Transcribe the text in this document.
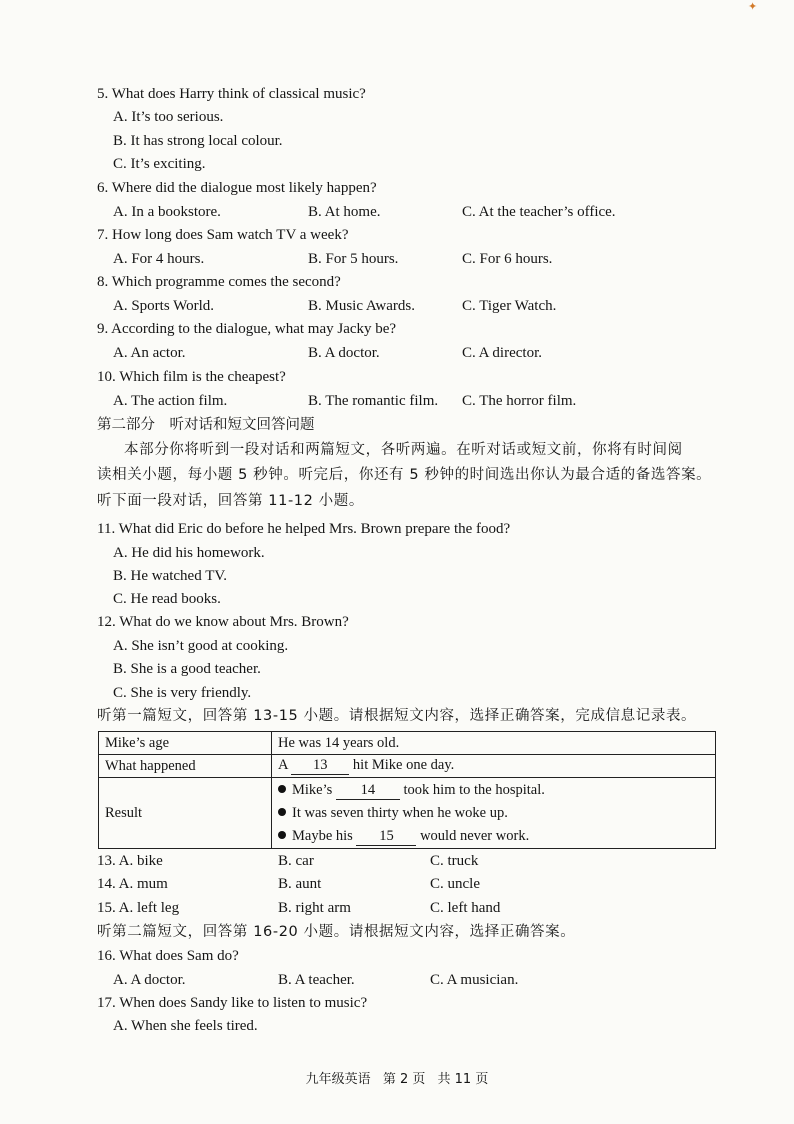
✦
5. What does Harry think of classical music?
A. It’s too serious.
B. It has strong local colour.
C. It’s exciting.
6. Where did the dialogue most likely happen?
A. In a bookstore.	B. At home.	C. At the teacher’s office.
7. How long does Sam watch TV a week?
A. For 4 hours.	B. For 5 hours.	C. For 6 hours.
8. Which programme comes the second?
A. Sports World.	B. Music Awards.	C. Tiger Watch.
9. According to the dialogue, what may Jacky be?
A. An actor.	B. A doctor.	C. A director.
10. Which film is the cheapest?
A. The action film.	B. The romantic film. C. The horror film.
第二部分　听对话和短文回答问题
本部分你将听到一段对话和两篇短文，各听两遍。在听对话或短文前，你将有时间阅
读相关小题，每小题 5 秒钟。听完后，你还有 5 秒钟的时间选出你认为最合适的备选答案。
听下面一段对话，回答第 11-12 小题。
11. What did Eric do before he helped Mrs. Brown prepare the food?
A. He did his homework.
B. He watched TV.
C. He read books.
12. What do we know about Mrs. Brown?
A. She isn’t good at cooking.
B. She is a good teacher.
C. She is very friendly.
听第一篇短文，回答第 13-15 小题。请根据短文内容，选择正确答案，完成信息记录表。
Mike’s age	He was 14 years old.
What happened	A 13 hit Mike one day.
Result	Mike’s 14 took him to the hospital.
It was seven thirty when he woke up.
Maybe his 15 would never work.
13. A. bike	B. car	C. truck
14. A. mum	B. aunt	C. uncle
15. A. left leg	B. right arm	C. left hand
听第二篇短文，回答第 16-20 小题。请根据短文内容，选择正确答案。
16. What does Sam do?
A. A doctor.	B. A teacher.	C. A musician.
17. When does Sandy like to listen to music?
A. When she feels tired.
九年级英语 第 2 页 共 11 页
